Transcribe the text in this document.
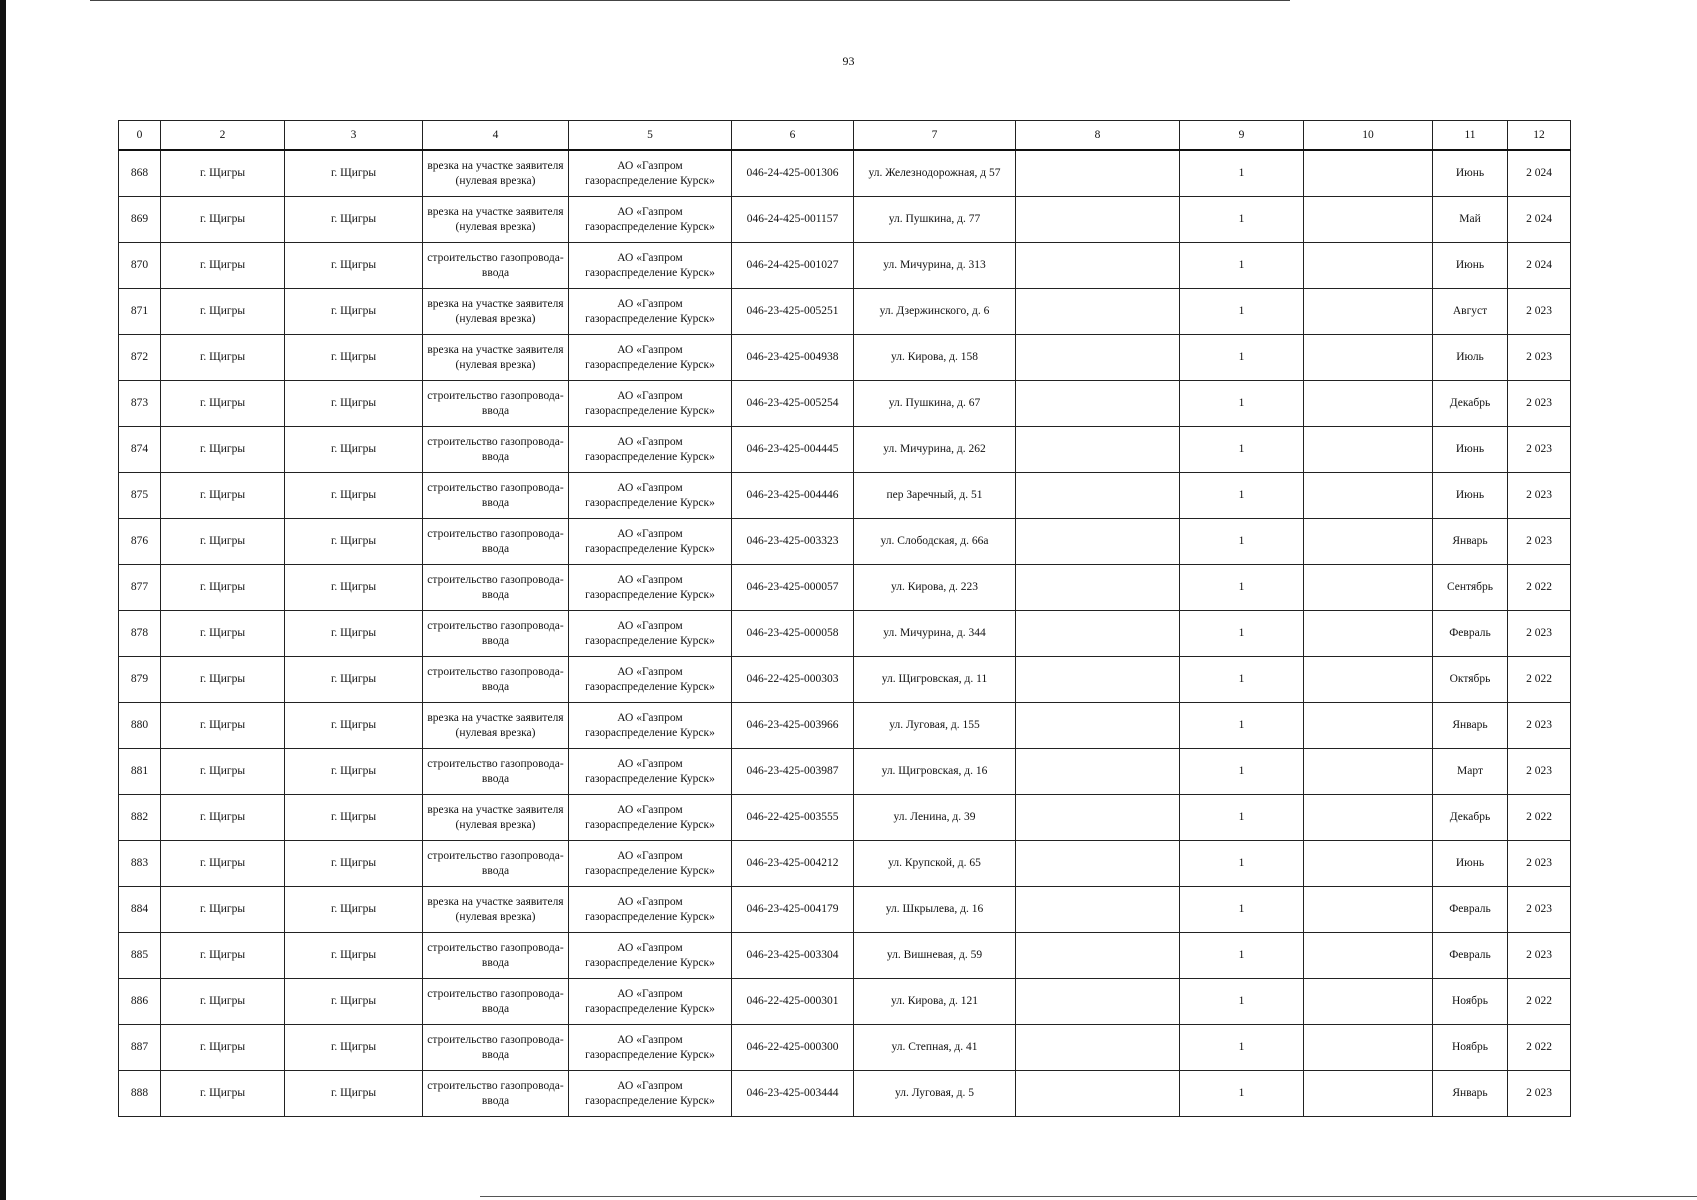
93
0	2	3	4	5	6	7	8	9	10	11	12
868	г. Щигры	г. Щигры	врезка на участке заявителя (нулевая врезка)	АО «Газпром газораспределение Курск»	046-24-425-001306	ул. Железнодорожная, д 57		1		Июнь	2 024
869	г. Щигры	г. Щигры	врезка на участке заявителя (нулевая врезка)	АО «Газпром газораспределение Курск»	046-24-425-001157	ул. Пушкина, д. 77		1		Май	2 024
870	г. Щигры	г. Щигры	строительство газопровода-ввода	АО «Газпром газораспределение Курск»	046-24-425-001027	ул. Мичурина, д. 313		1		Июнь	2 024
871	г. Щигры	г. Щигры	врезка на участке заявителя (нулевая врезка)	АО «Газпром газораспределение Курск»	046-23-425-005251	ул. Дзержинского, д. 6		1		Август	2 023
872	г. Щигры	г. Щигры	врезка на участке заявителя (нулевая врезка)	АО «Газпром газораспределение Курск»	046-23-425-004938	ул. Кирова, д. 158		1		Июль	2 023
873	г. Щигры	г. Щигры	строительство газопровода-ввода	АО «Газпром газораспределение Курск»	046-23-425-005254	ул. Пушкина, д. 67		1		Декабрь	2 023
874	г. Щигры	г. Щигры	строительство газопровода-ввода	АО «Газпром газораспределение Курск»	046-23-425-004445	ул. Мичурина, д. 262		1		Июнь	2 023
875	г. Щигры	г. Щигры	строительство газопровода-ввода	АО «Газпром газораспределение Курск»	046-23-425-004446	пер Заречный, д. 51		1		Июнь	2 023
876	г. Щигры	г. Щигры	строительство газопровода-ввода	АО «Газпром газораспределение Курск»	046-23-425-003323	ул. Слободская, д. 66а		1		Январь	2 023
877	г. Щигры	г. Щигры	строительство газопровода-ввода	АО «Газпром газораспределение Курск»	046-23-425-000057	ул. Кирова, д. 223		1		Сентябрь	2 022
878	г. Щигры	г. Щигры	строительство газопровода-ввода	АО «Газпром газораспределение Курск»	046-23-425-000058	ул. Мичурина, д. 344		1		Февраль	2 023
879	г. Щигры	г. Щигры	строительство газопровода-ввода	АО «Газпром газораспределение Курск»	046-22-425-000303	ул. Щигровская, д. 11		1		Октябрь	2 022
880	г. Щигры	г. Щигры	врезка на участке заявителя (нулевая врезка)	АО «Газпром газораспределение Курск»	046-23-425-003966	ул. Луговая, д. 155		1		Январь	2 023
881	г. Щигры	г. Щигры	строительство газопровода-ввода	АО «Газпром газораспределение Курск»	046-23-425-003987	ул. Щигровская, д. 16		1		Март	2 023
882	г. Щигры	г. Щигры	врезка на участке заявителя (нулевая врезка)	АО «Газпром газораспределение Курск»	046-22-425-003555	ул. Ленина, д. 39		1		Декабрь	2 022
883	г. Щигры	г. Щигры	строительство газопровода-ввода	АО «Газпром газораспределение Курск»	046-23-425-004212	ул. Крупской, д. 65		1		Июнь	2 023
884	г. Щигры	г. Щигры	врезка на участке заявителя (нулевая врезка)	АО «Газпром газораспределение Курск»	046-23-425-004179	ул. Шкрылева, д. 16		1		Февраль	2 023
885	г. Щигры	г. Щигры	строительство газопровода-ввода	АО «Газпром газораспределение Курск»	046-23-425-003304	ул. Вишневая, д. 59		1		Февраль	2 023
886	г. Щигры	г. Щигры	строительство газопровода-ввода	АО «Газпром газораспределение Курск»	046-22-425-000301	ул. Кирова, д. 121		1		Ноябрь	2 022
887	г. Щигры	г. Щигры	строительство газопровода-ввода	АО «Газпром газораспределение Курск»	046-22-425-000300	ул. Степная, д. 41		1		Ноябрь	2 022
888	г. Щигры	г. Щигры	строительство газопровода-ввода	АО «Газпром газораспределение Курск»	046-23-425-003444	ул. Луговая, д. 5		1		Январь	2 023
